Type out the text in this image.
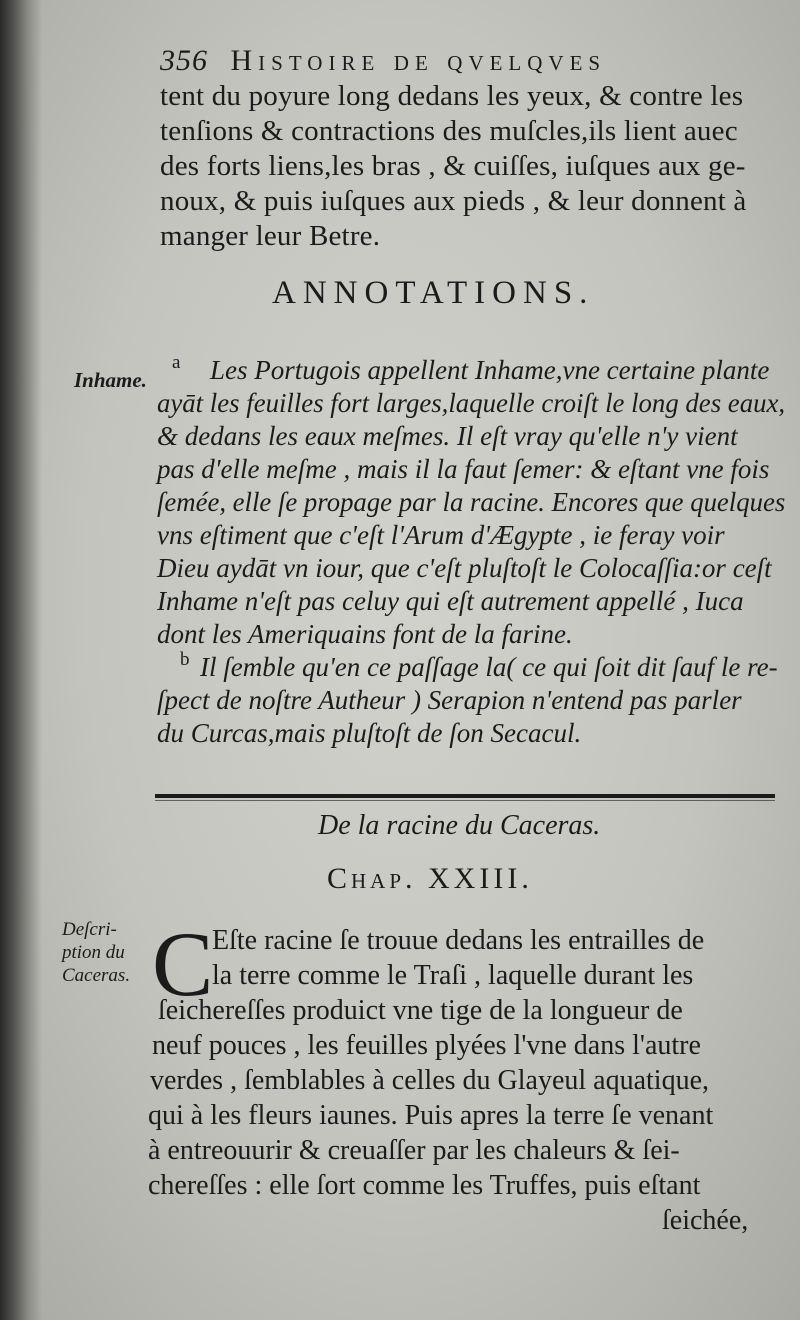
356 Histoire de qvelqves
tent du poyure long dedans les yeux, & contre les
tenſions & contractions des muſcles,ils lient auec
des forts liens,les bras , & cuiſſes, iuſques aux ge-
noux, & puis iuſques aux pieds , & leur donnent à
manger leur Betre.
ANNOTATIONS.
Inhame.
a Les Portugois appellent Inhame,vne certaine plante
ayāt les feuilles fort larges,laquelle croiſt le long des eaux,
& dedans les eaux meſmes. Il eſt vray qu'elle n'y vient
pas d'elle meſme , mais il la faut ſemer: & eſtant vne fois
ſemée, elle ſe propage par la racine. Encores que quelques
vns eſtiment que c'eſt l'Arum d'Ægypte , ie feray voir
Dieu aydāt vn iour, que c'eſt pluſtoſt le Colocaſſia:or ceſt
Inhame n'eſt pas celuy qui eſt autrement appellé , Iuca
dont les Ameriquains font de la farine.
b Il ſemble qu'en ce paſſage la( ce qui ſoit dit ſauf le re-
ſpect de noſtre Autheur ) Serapion n'entend pas parler
du Curcas,mais pluſtoſt de ſon Secacul.
De la racine du Caceras.
Chap. XXIII.
Deſcri-
ption du
Caceras. C
Eſte racine ſe trouue dedans les entrailles de
la terre comme le Traſi , laquelle durant les
ſeichereſſes produict vne tige de la longueur de
neuf pouces , les feuilles plyées l'vne dans l'autre
verdes , ſemblables à celles du Glayeul aquatique,
qui à les fleurs iaunes. Puis apres la terre ſe venant
à entreouurir & creuaſſer par les chaleurs & ſei-
chereſſes : elle ſort comme les Truffes, puis eſtant
ſeichée,
